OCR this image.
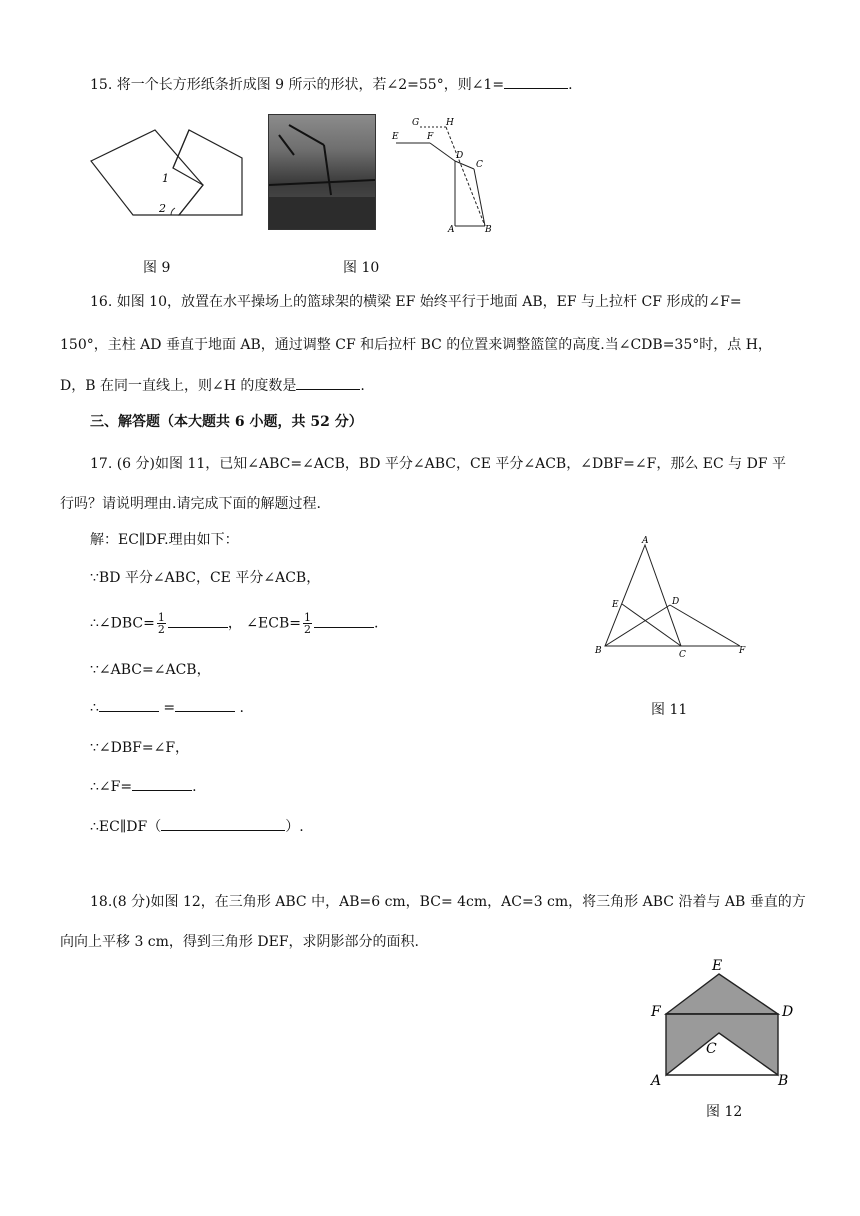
15. 将一个长方形纸条折成图 9 所示的形状，若∠2=55°，则∠1=	.
1
2
图 9
E	F
G	H
D
C
A	B
图 10
16. 如图 10，放置在水平操场上的篮球架的横梁 EF 始终平行于地面 AB，EF 与上拉杆 CF 形成的∠F=
150°，主柱 AD 垂直于地面 AB，通过调整 CF 和后拉杆 BC 的位置来调整篮筐的高度.当∠CDB=35°时，点 H，
D，B 在同一直线上，则∠H 的度数是	.
三、解答题（本大题共 6 小题，共 52 分）
17. (6 分)如图 11，已知∠ABC=∠ACB，BD 平分∠ABC，CE 平分∠ACB，∠DBF=∠F，那么 EC 与 DF 平
行吗？请说明理由.请完成下面的解题过程.
解：EC∥DF.理由如下：
∵BD 平分∠ABC，CE 平分∠ACB，
∴∠DBC= $\frac{1}{2}$	， ∠ECB= $\frac{1}{2}$	.
∵∠ABC=∠ACB，
∴	=	.
∵∠DBF=∠F，
∴∠F=	.
∴EC∥DF（	）.
A
E	D
B	C	F
图 11
18.(8 分)如图 12，在三角形 ABC 中，AB=6 cm，BC= 4cm，AC=3 cm，将三角形 ABC 沿着与 AB 垂直的方
向向上平移 3 cm，得到三角形 DEF，求阴影部分的面积.
E
F	D
C
A	B
图 12
